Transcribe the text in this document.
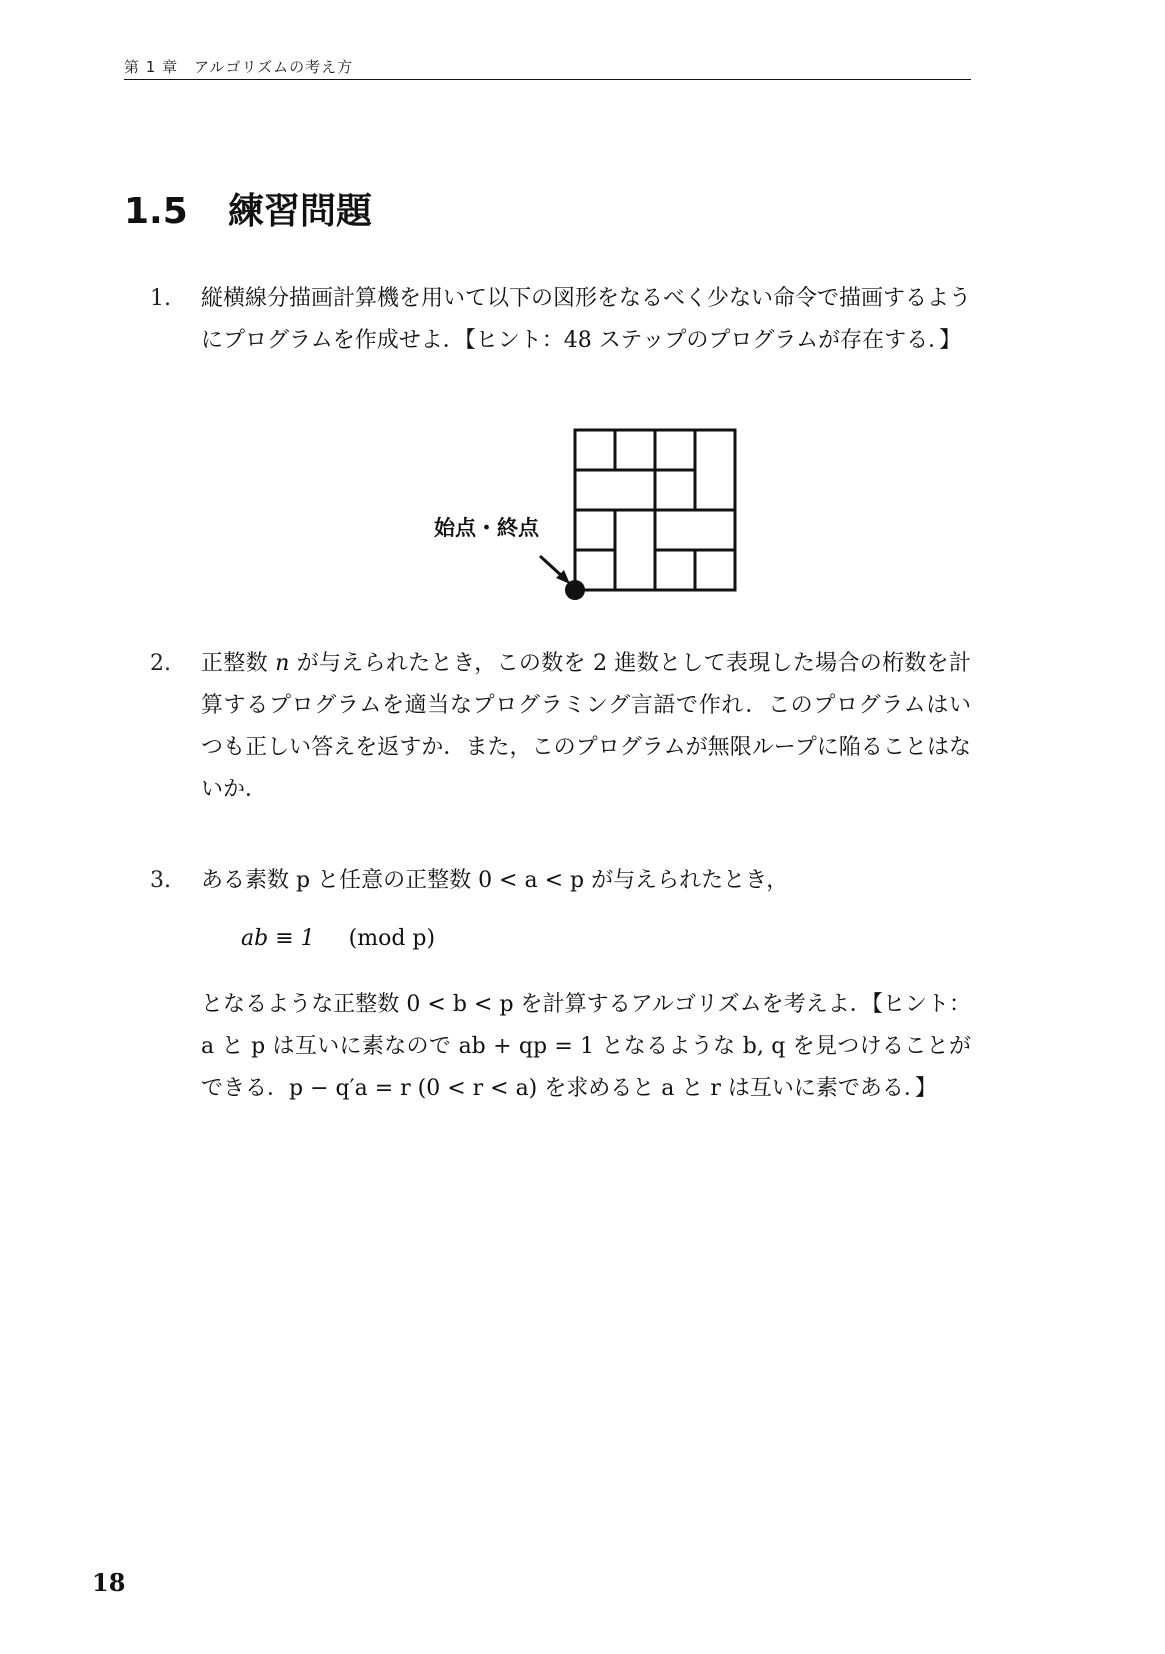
第 1 章　アルゴリズムの考え方
1.5 練習問題
1. 縦横線分描画計算機を用いて以下の図形をなるべく少ない命令で描画するようにプログラムを作成せよ．【ヒント：48 ステップのプログラムが存在する．】
始点・終点
2. 正整数 n が与えられたとき，この数を 2 進数として表現した場合の桁数を計算するプログラムを適当なプログラミング言語で作れ．このプログラムはいつも正しい答えを返すか．また，このプログラムが無限ループに陥ることはないか．
3. ある素数 p と任意の正整数 0 < a < p が与えられたとき，
ab ≡ 1 (mod p)
となるような正整数 0 < b < p を計算するアルゴリズムを考えよ．【ヒント：a と p は互いに素なので ab + qp = 1 となるような b, q を見つけることができる．p − q′a = r (0 < r < a) を求めると a と r は互いに素である．】
18
